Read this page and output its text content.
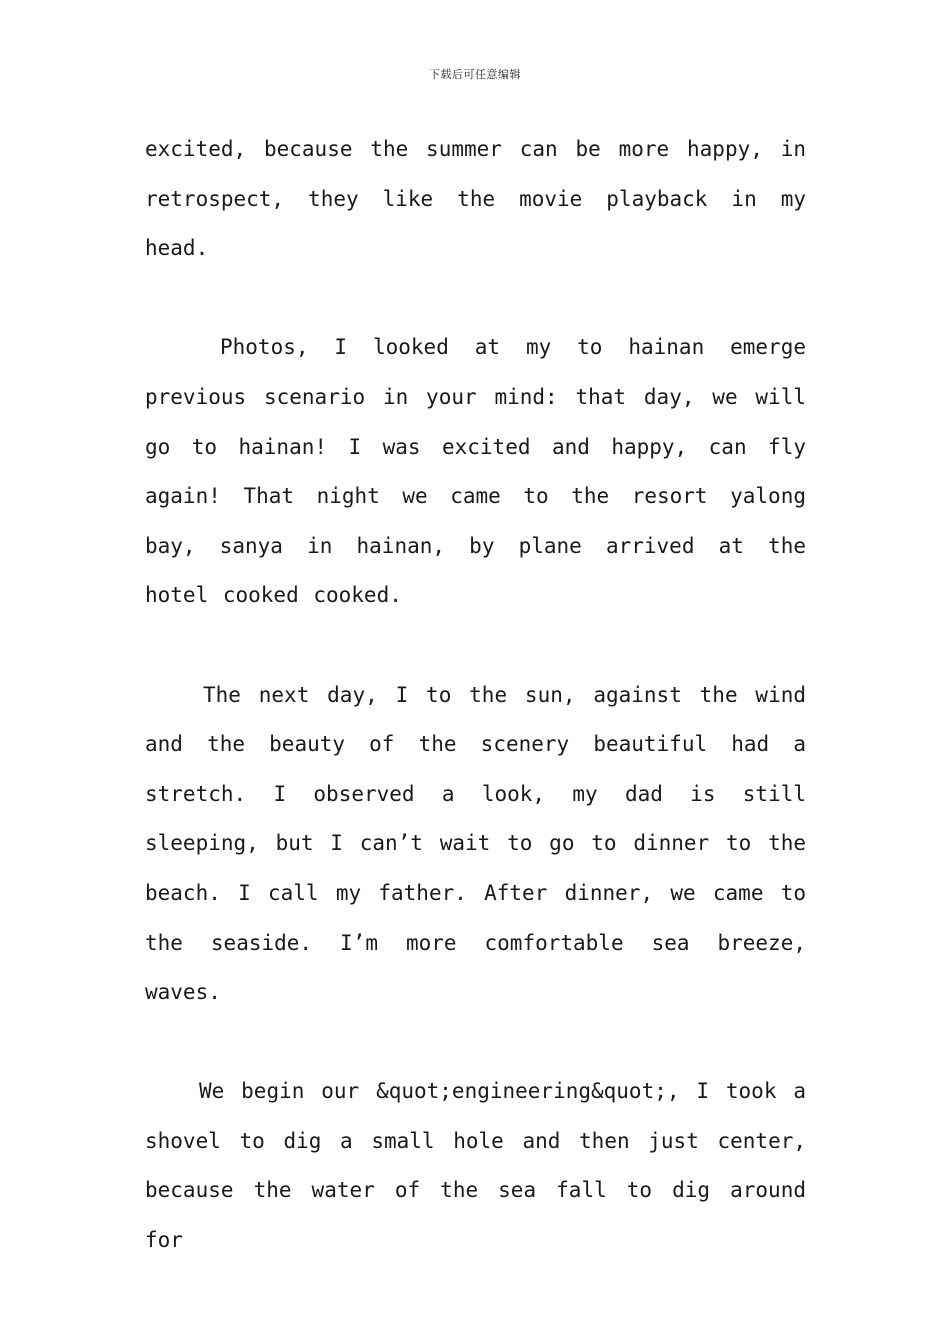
下载后可任意编辑

excited, because the summer can be more happy, in retrospect, they like the movie playback in my head.

Photos, I looked at my to hainan emerge previous scenario in your mind: that day, we will go to hainan! I was excited and happy, can fly again! That night we came to the resort yalong bay, sanya in hainan, by plane arrived at the hotel cooked cooked.

The next day, I to the sun, against the wind and the beauty of the scenery beautiful had a stretch. I observed a look, my dad is still sleeping, but I can’t wait to go to dinner to the beach. I call my father. After dinner, we came to the seaside. I’m more comfortable sea breeze, waves.

We begin our &quot;engineering&quot;, I took a shovel to dig a small hole and then just center, because the water of the sea fall to dig around for
